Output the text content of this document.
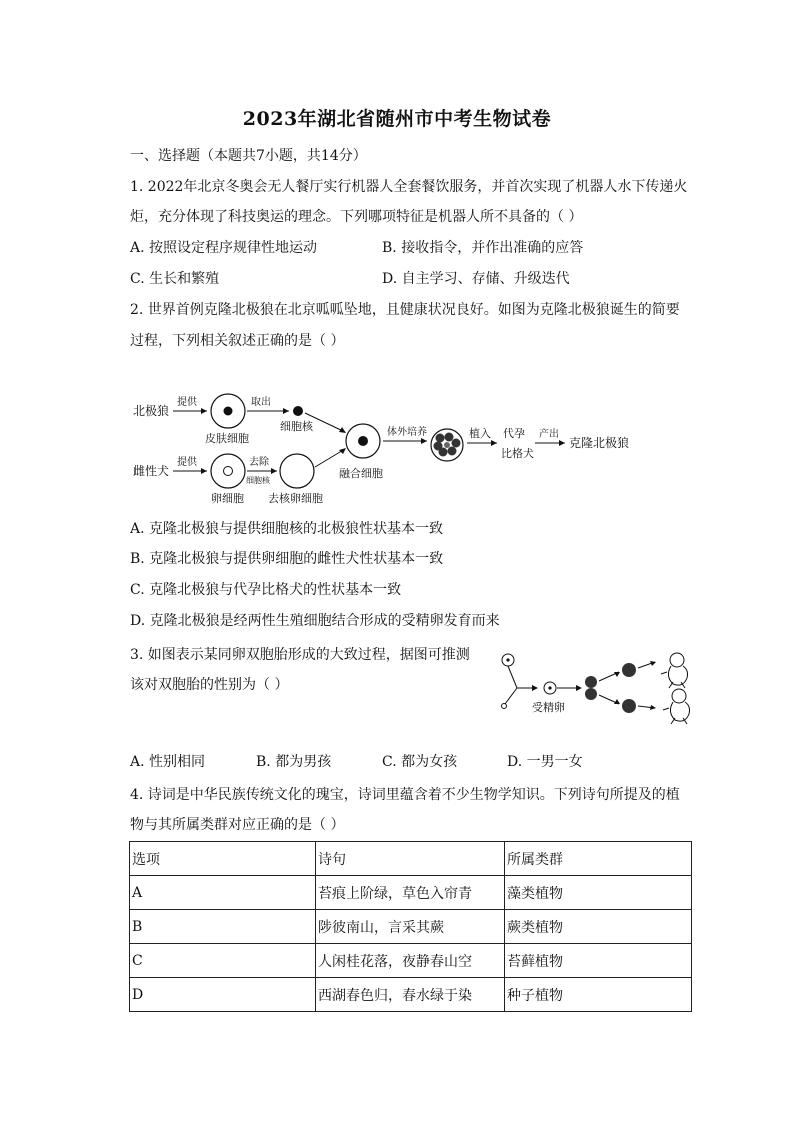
2023年湖北省随州市中考生物试卷
一、选择题（本题共7小题，共14分）
1. 2022年北京冬奥会无人餐厅实行机器人全套餐饮服务，并首次实现了机器人水下传递火
炬，充分体现了科技奥运的理念。下列哪项特征是机器人所不具备的（ ）
A. 按照设定程序规律性地运动	B. 接收指令，并作出准确的应答
C. 生长和繁殖	D. 自主学习、存储、升级迭代
2. 世界首例克隆北极狼在北京呱呱坠地，且健康状况良好。如图为克隆北极狼诞生的简要
过程，下列相关叙述正确的是（ ）
北极狼
提供
皮肤细胞
取出
细胞核
雌性犬
提供
卵细胞
去除
细胞核
去核卵细胞
融合细胞
体外培养	植入 代孕
比格犬
产出
克隆北极狼
A. 克隆北极狼与提供细胞核的北极狼性状基本一致
B. 克隆北极狼与提供卵细胞的雌性犬性状基本一致
C. 克隆北极狼与代孕比格犬的性状基本一致
D. 克隆北极狼是经两性生殖细胞结合形成的受精卵发育而来
3. 如图表示某同卵双胞胎形成的大致过程，据图可推测
该对双胞胎的性别为（ ）
受精卵
A. 性别相同	B. 都为男孩	C. 都为女孩	D. 一男一女
4. 诗词是中华民族传统文化的瑰宝，诗词里蕴含着不少生物学知识。下列诗句所提及的植
物与其所属类群对应正确的是（ ）
选项	诗句	所属类群
A	苔痕上阶绿，草色入帘青	藻类植物
B	陟彼南山，言采其蕨	蕨类植物
C	人闲桂花落，夜静春山空	苔藓植物
D	西湖春色归，春水绿于染	种子植物
